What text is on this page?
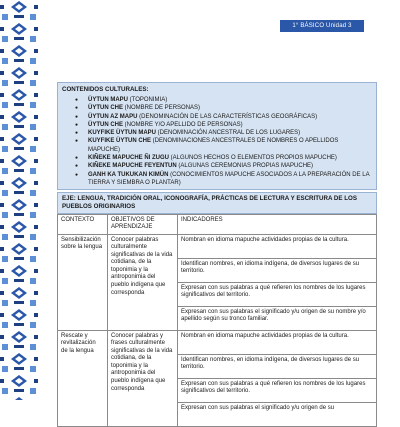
1° BÁSICO Unidad 3
CONTENIDOS CULTURALES:
● ÜYTUN MAPU (TOPONIMIA)
● ÜYTUN CHE (NOMBRE DE PERSONAS)
● ÜYTUN AZ MAPU (DENOMINACIÓN DE LAS CARACTERÍSTICAS GEOGRÁFICAS)
● ÜYTUN CHE (NOMBRE Y/O APELLIDO DE PERSONAS)
● KUYFIKE ÜYTUN MAPU (DENOMINACIÓN ANCESTRAL DE LOS LUGARES)
● KUYFIKE ÜYTUN CHE (DENOMINACIONES ANCESTRALES DE NOMBRES O APELLIDOS MAPUCHE)
● KIÑEKE MAPUCHE ÑI ZUGU (ALGUNOS HECHOS O ELEMENTOS PROPIOS MAPUCHE)
● KIÑEKE MAPUCHE FEYENTUN (ALGUNAS CEREMONIAS PROPIAS MAPUCHE)
● GANH KA TUKUKAN KIMÜN (CONOCIMIENTOS MAPUCHE ASOCIADOS A LA PREPARACIÓN DE LA TIERRA Y SIEMBRA O PLANTAR)
EJE: LENGUA, TRADICIÓN ORAL, ICONOGRAFÍA, PRÁCTICAS DE LECTURA Y ESCRITURA DE LOS PUEBLOS ORIGINARIOS
CONTEXTO	OBJETIVOS DE APRENDIZAJE	INDICADORES
Sensibilización sobre la lengua	Conocer palabras culturalmente significativas de la vida cotidiana, de la toponimia y la antroponimia del pueblo indígena que corresponda	Nombran en idioma mapuche actividades propias de la cultura.
		Identifican nombres, en idioma indígena, de diversos lugares de su territorio.
		Expresan con sus palabras a qué refieren los nombres de los lugares significativos del territorio.
		Expresan con sus palabras el significado y/u origen de su nombre y/o apellido según su tronco familiar.
Rescate y revitalización de la lengua	Conocer palabras y frases culturalmente significativas de la vida cotidiana, de la toponimia y la antroponimia del pueblo indígena que corresponda	Nombran en idioma mapuche actividades propias de la cultura.
		Identifican nombres, en idioma indígena, de diversos lugares de su territorio.
		Expresan con sus palabras a qué refieren los nombres de los lugares significativos del territorio.
		Expresan con sus palabras el significado y/u origen de su
